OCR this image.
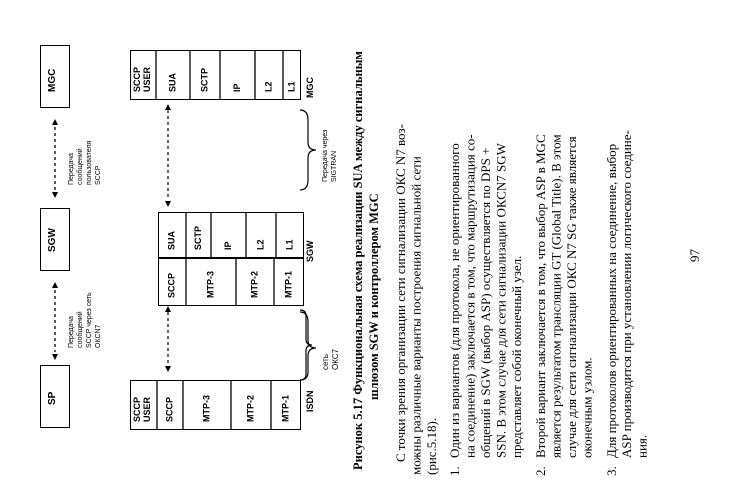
SP
SGW
MGC
Передача сообщений SCCP через сеть ОКСN7
Передача сообщений пользователя SCCP
SCCP USER SCCP	MTP-3	MTP-2	MTP-1 ISDN
SCCP	MTP-3	MTP-2	MTP-1
SUA SCTP IP	L2 L1 SGW
SCCP USER SUA SCTP	IP L2 L1 MGC
сеть ОКС7
Передача через SIGTRAN Рисунок 5.17 Функциональная схема реализации SUA между сигнальным шлюзом SGW и контроллером MGC С точки зрения организации сети сигнализации ОКС N7 воз- можны различные варианты построения сигнальной сети (рис.5.18). 1.
Один из вариантов (для протокола, не ориентированного на соединение) заключается в том, что маршрутизация со- общений в SGW (выбор ASP) осуществляется по DPS + SSN. В этом случае для сети сигнализации ОКСN7 SGW представляет собой оконечный узел.
2.
Второй вариант заключается в том, что выбор ASP в MGC является результатом трансляции GT (Global Title). В этом случае для сети сигнализации ОКС N7 SG также является оконечным узлом.
3.
Для протоколов ориентированных на соединение, выбор ASP производится при установлении логического соедине- ния.
97
